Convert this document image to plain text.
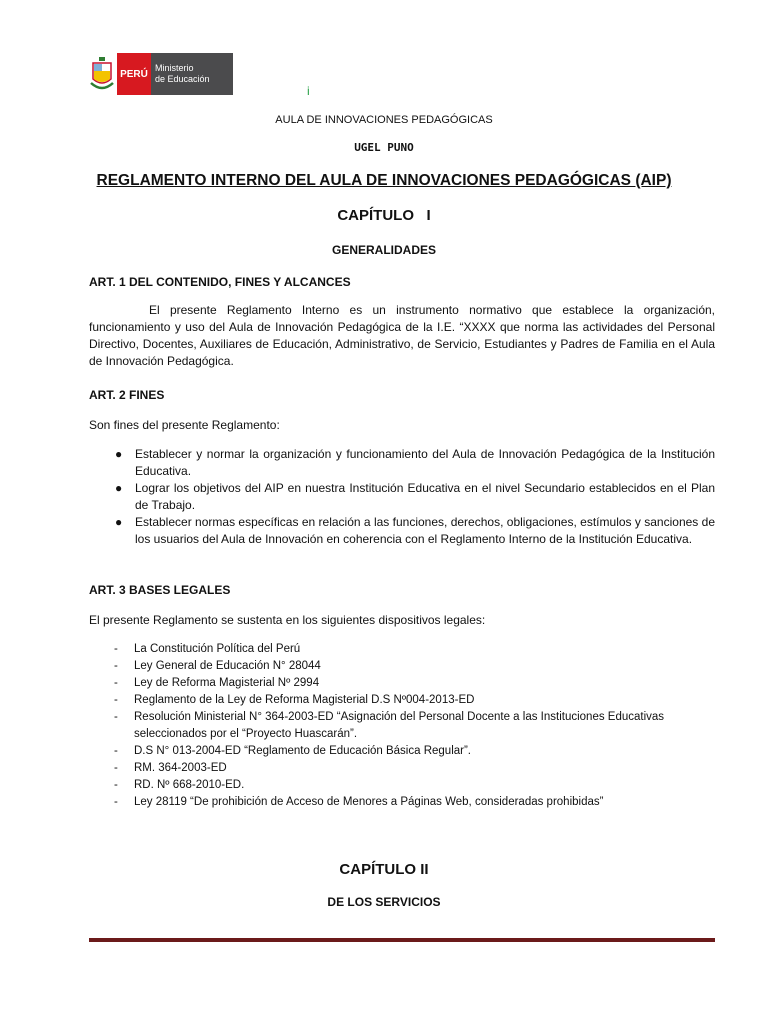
PERÚ
Ministerio
de Educación
i
AULA DE INNOVACIONES PEDAGÓGICAS
UGEL PUNO
REGLAMENTO INTERNO DEL AULA DE INNOVACIONES PEDAGÓGICAS (AIP)
CAPÍTULO   I
GENERALIDADES
ART. 1 DEL CONTENIDO, FINES Y ALCANCES
El presente Reglamento Interno es un instrumento normativo que establece la organización, funcionamiento y uso del Aula de Innovación Pedagógica de la I.E. “XXXX que norma las actividades del Personal Directivo, Docentes, Auxiliares de Educación, Administrativo, de Servicio, Estudiantes y Padres de Familia en el Aula de Innovación Pedagógica.
ART. 2 FINES
Son fines del presente Reglamento:
● Establecer y normar la organización y funcionamiento del Aula de Innovación Pedagógica de la Institución Educativa.
● Lograr los objetivos del AIP en nuestra Institución Educativa en el nivel Secundario establecidos en el Plan de Trabajo.
● Establecer normas específicas en relación a las funciones, derechos, obligaciones, estímulos y sanciones de los usuarios del Aula de Innovación en coherencia con el Reglamento Interno de la Institución Educativa.
ART. 3 BASES LEGALES
El presente Reglamento se sustenta en los siguientes dispositivos legales:
- La Constitución Política del Perú
- Ley General de Educación N° 28044
- Ley de Reforma Magisterial Nº 2994
- Reglamento de la Ley de Reforma Magisterial D.S Nº004-2013-ED
- Resolución Ministerial N° 364-2003-ED “Asignación del Personal Docente a las Instituciones Educativas seleccionados por el “Proyecto Huascarán”.
- D.S N° 013-2004-ED “Reglamento de Educación Básica Regular”.
- RM. 364-2003-ED
- RD. Nº 668-2010-ED.
- Ley 28119 “De prohibición de Acceso de Menores a Páginas Web, consideradas prohibidas”
CAPÍTULO II
DE LOS SERVICIOS
